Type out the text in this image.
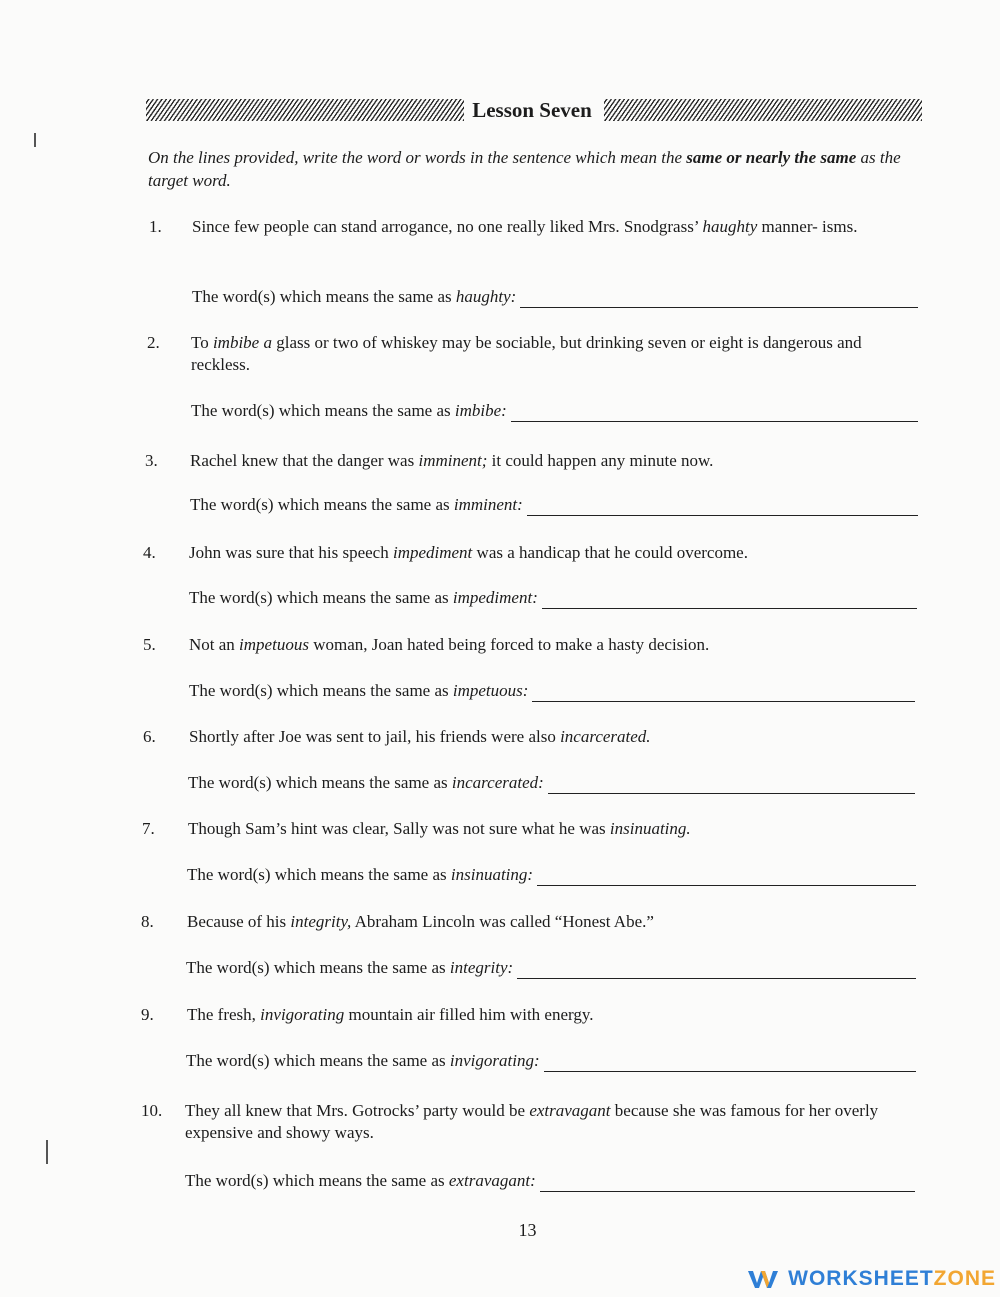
Lesson Seven
On the lines provided, write the word or words in the sentence which mean the same or nearly the same as the target word.
1.	Since few people can stand arrogance, no one really liked Mrs. Snodgrass’ haughty manner- isms.
The word(s) which means the same as haughty:
2.	To imbibe a glass or two of whiskey may be sociable, but drinking seven or eight is dangerous and reckless.
The word(s) which means the same as imbibe:
3.	Rachel knew that the danger was imminent; it could happen any minute now.
The word(s) which means the same as imminent:
4.	John was sure that his speech impediment was a handicap that he could overcome.
The word(s) which means the same as impediment:
5.	Not an impetuous woman, Joan hated being forced to make a hasty decision.
The word(s) which means the same as impetuous:
6.	Shortly after Joe was sent to jail, his friends were also incarcerated.
The word(s) which means the same as incarcerated:
7.	Though Sam’s hint was clear, Sally was not sure what he was insinuating.
The word(s) which means the same as insinuating:
8.	Because of his integrity, Abraham Lincoln was called “Honest Abe.”
The word(s) which means the same as integrity:
9.	The fresh, invigorating mountain air filled him with energy.
The word(s) which means the same as invigorating:
10.	They all knew that Mrs. Gotrocks’ party would be extravagant because she was famous for her overly expensive and showy ways.
The word(s) which means the same as extravagant:
13
WORKSHEET ZONE
